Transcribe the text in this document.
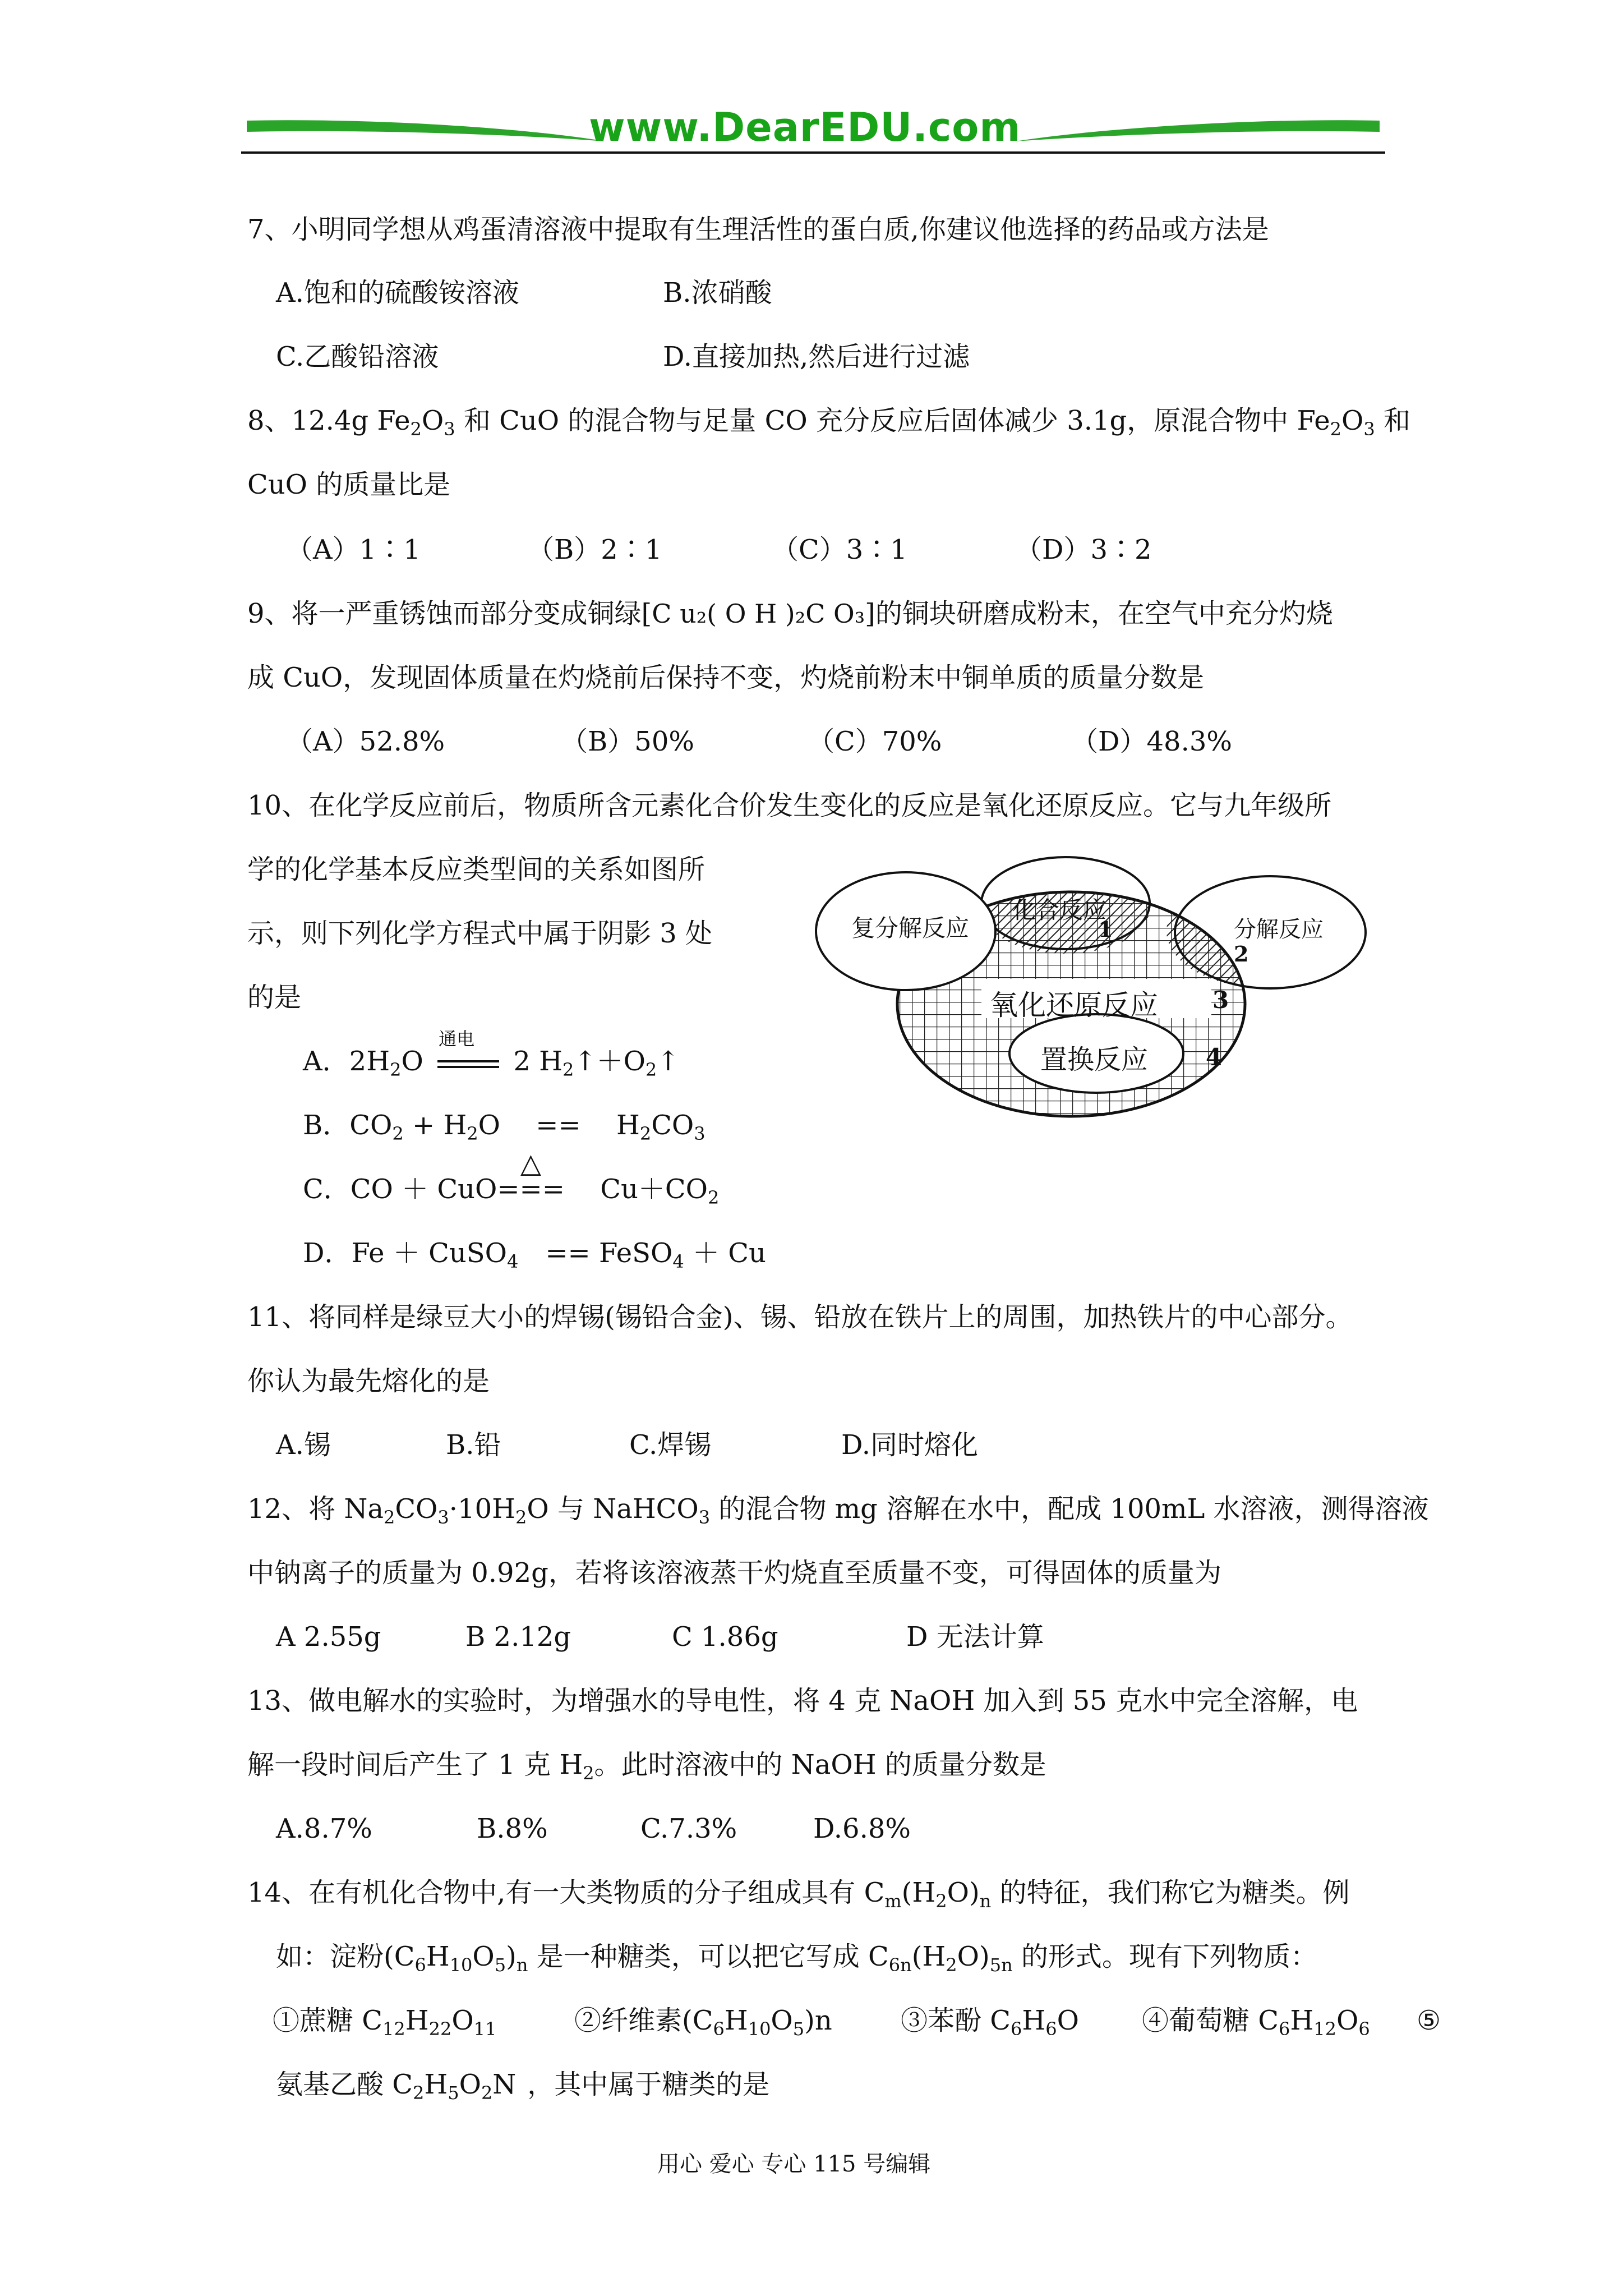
www.DearEDU.com
7、小明同学想从鸡蛋清溶液中提取有生理活性的蛋白质,你建议他选择的药品或方法是
A.饱和的硫酸铵溶液	B.浓硝酸
C.乙酸铅溶液	D.直接加热,然后进行过滤
8、12.4g $Fe_2O_3$ 和 CuO 的混合物与足量 CO 充分反应后固体减少 3.1g，原混合物中 $Fe_2O_3$ 和
CuO 的质量比是
（A）1∶1	（B）2∶1	（C）3∶1	（D）3∶2
9、将一严重锈蚀而部分变成铜绿[C u₂( O H )₂C O₃]的铜块研磨成粉末，在空气中充分灼烧
成 CuO，发现固体质量在灼烧前后保持不变，灼烧前粉末中铜单质的质量分数是
（A）52.8%	（B）50%	（C）70%	（D）48.3%
10、在化学反应前后，物质所含元素化合价发生变化的反应是氧化还原反应。它与九年级所
学的化学基本反应类型间的关系如图所
示，则下列化学方程式中属于阴影 3 处
的是
复分解反应
化合反应
分解反应
1
2
氧化还原反应 3
置换反应 4
A．$2H_2O$
通电
2 $H_2↑+O_2↑$
B．$CO_2 + H_2O$　 ==　 $H_2CO_3$
△
C．CO ＋ CuO===　 $Cu+CO_2$
D．Fe ＋ CuSO$_4$　== FeSO$_4$ ＋ Cu
11、将同样是绿豆大小的焊锡(锡铅合金)、锡、铅放在铁片上的周围，加热铁片的中心部分。
你认为最先熔化的是
A.锡	B.铅	C.焊锡	D.同时熔化
12、将 $Na_2CO_3\cdot 10H_2O$ 与 NaHCO$_3$ 的混合物 mg 溶解在水中，配成 100mL 水溶液，测得溶液
中钠离子的质量为 0.92g，若将该溶液蒸干灼烧直至质量不变，可得固体的质量为
A 2.55g	B 2.12g	C 1.86g	D 无法计算
13、做电解水的实验时，为增强水的导电性，将 4 克 NaOH 加入到 55 克水中完全溶解，电
解一段时间后产生了 1 克 $H_2$。此时溶液中的 NaOH 的质量分数是
A.8.7%	B.8%	C.7.3%	D.6.8%
14、在有机化合物中,有一大类物质的分子组成具有 $C_m(H_2O)_n$ 的特征，我们称它为糖类。例
如：淀粉$(C_6H_{10}O_5)_n$ 是一种糖类，可以把它写成 $C_{6n}(H_2O)_{5n}$ 的形式。现有下列物质：
①蔗糖 $C_{12}H_{22}O_{11}$	②纤维素$(C_6H_{10}O_5)n$	③苯酚 $C_6H_6O$ ④葡萄糖 $C_6H_{12}O_6$ ⑤
氨基乙酸 $C_2H_5O_2N$ ，其中属于糖类的是
用心 爱心 专心 115 号编辑
